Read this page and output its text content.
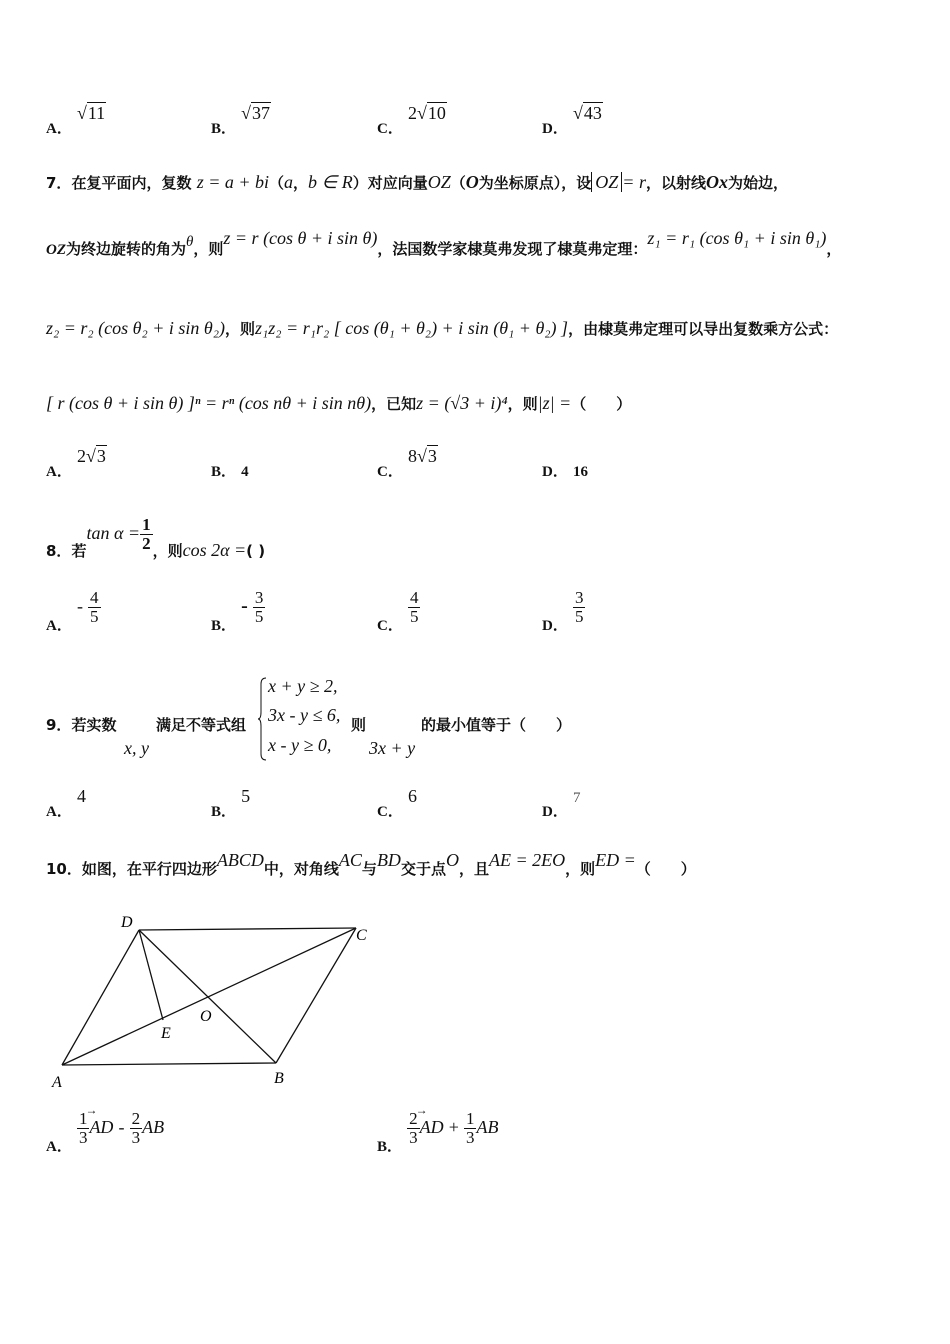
A． √11
B． √37
C． 2√10
D． √43
7．在复平面内，复数 z = a + bi（a，b ∈ R）对应向量OZ（O为坐标原点），设 OZ = r，以射线Ox为始边，
OZ为终边旋转的角为θ，则z = r (cos θ + i sin θ)，法国数学家棣莫弗发现了棣莫弗定理：z₁ = r₁ (cos θ₁ + i sin θ₁)，
z₂ = r₂ (cos θ₂ + i sin θ₂)，则z₁z₂ = r₁r₂ [ cos (θ₁ + θ₂) + i sin (θ₁ + θ₂) ]，由棣莫弗定理可以导出复数乘方公式：
[ r (cos θ + i sin θ) ]ⁿ = rⁿ (cos nθ + i sin nθ)，已知z = (√3 + i)⁴，则|z| =（　　）
A． 2√3
B． 4	C． 8√3
D． 16
8．若$\tan \alpha = \frac{1}{2}$ ，则cos 2α =( )
A． - $\frac{4}{5}$	B． - $\frac{3}{5}$	C． $\frac{4}{5}$	D． $\frac{3}{5}$
9．若实数
x, y
满足不等式组
x + y ≥ 2,
3x - y ≤ 6,
x - y ≥ 0,
则
3x + y
的最小值等于（　　）
A． 4
B． 5
C． 6
D． 7
10．如图，在平行四边形ABCD中，对角线AC与BD交于点O，且AE = 2EO，则ED =（　　）
A	B
C
D
E
O
A． $\frac{1}{3}$
→
AD - $\frac{2}{3}$ AB
B． $\frac{2}{3}$
→
AD + $\frac{1}{3}$ AB
